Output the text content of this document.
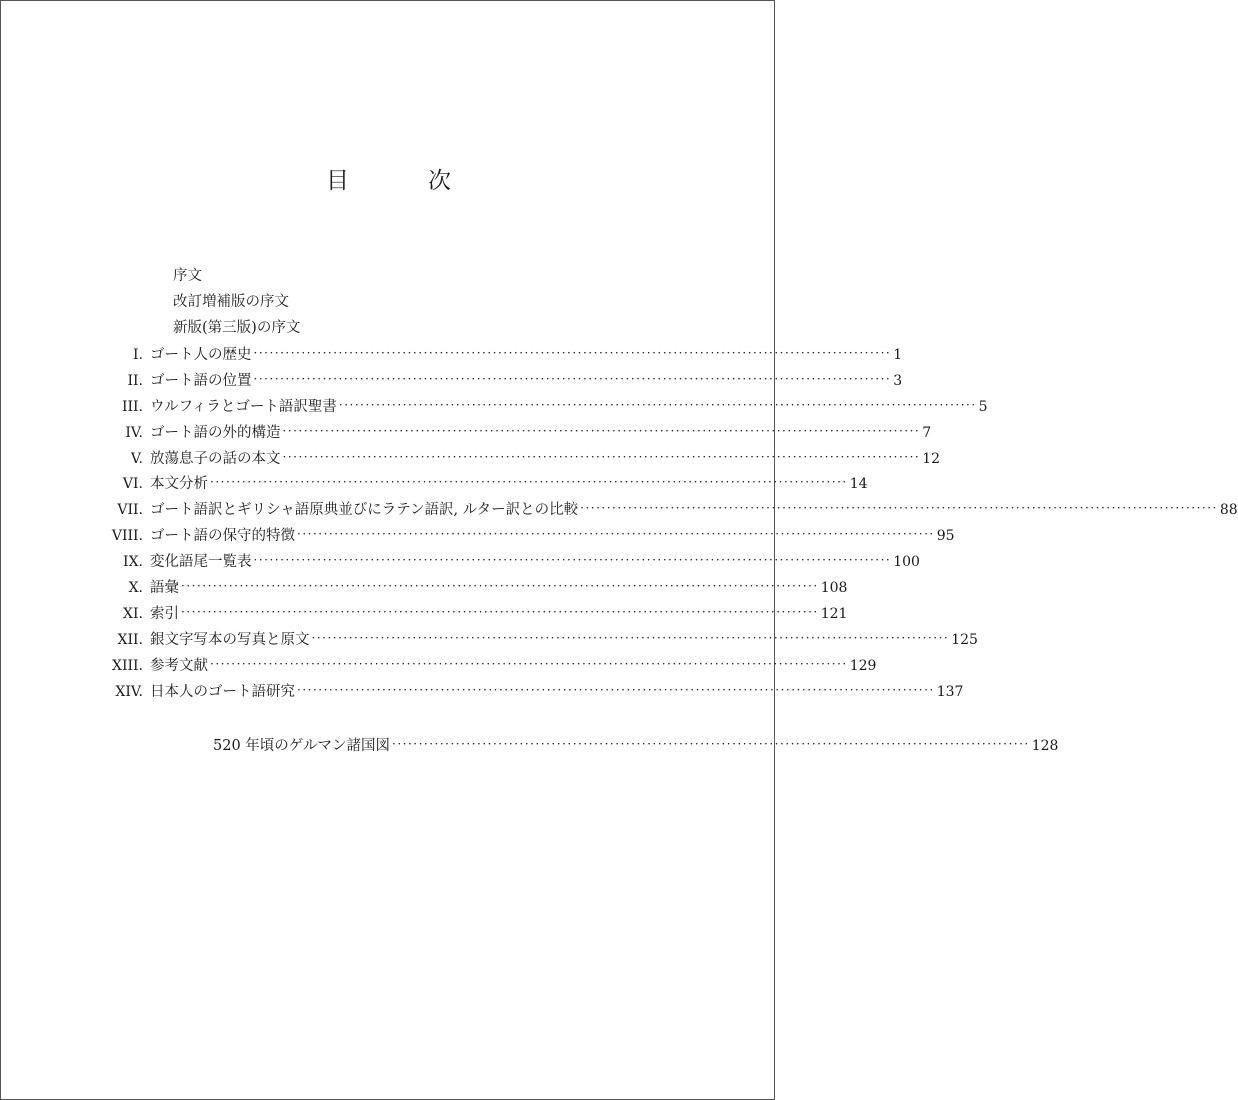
目　次
序文
改訂増補版の序文
新版(第三版)の序文
I. ゴート人の歴史 ························································································································ 1
II. ゴート語の位置 ························································································································ 3
III. ウルフィラとゴート語訳聖書 ························································································································ 5
IV. ゴート語の外的構造 ························································································································ 7
V. 放蕩息子の話の本文 ························································································································ 12
VI. 本文分析 ························································································································ 14
VII. ゴート語訳とギリシャ語原典並びにラテン語訳, ルター訳との比較 ························································································································ 88
VIII. ゴート語の保守的特徴 ························································································································ 95
IX. 変化語尾一覧表 ························································································································ 100
X. 語彙 ························································································································ 108
XI. 索引 ························································································································ 121
XII. 銀文字写本の写真と原文 ························································································································ 125
XIII. 参考文献 ························································································································ 129
XIV. 日本人のゴート語研究 ························································································································ 137
520 年頃のゲルマン諸国図 ························································································································ 128
